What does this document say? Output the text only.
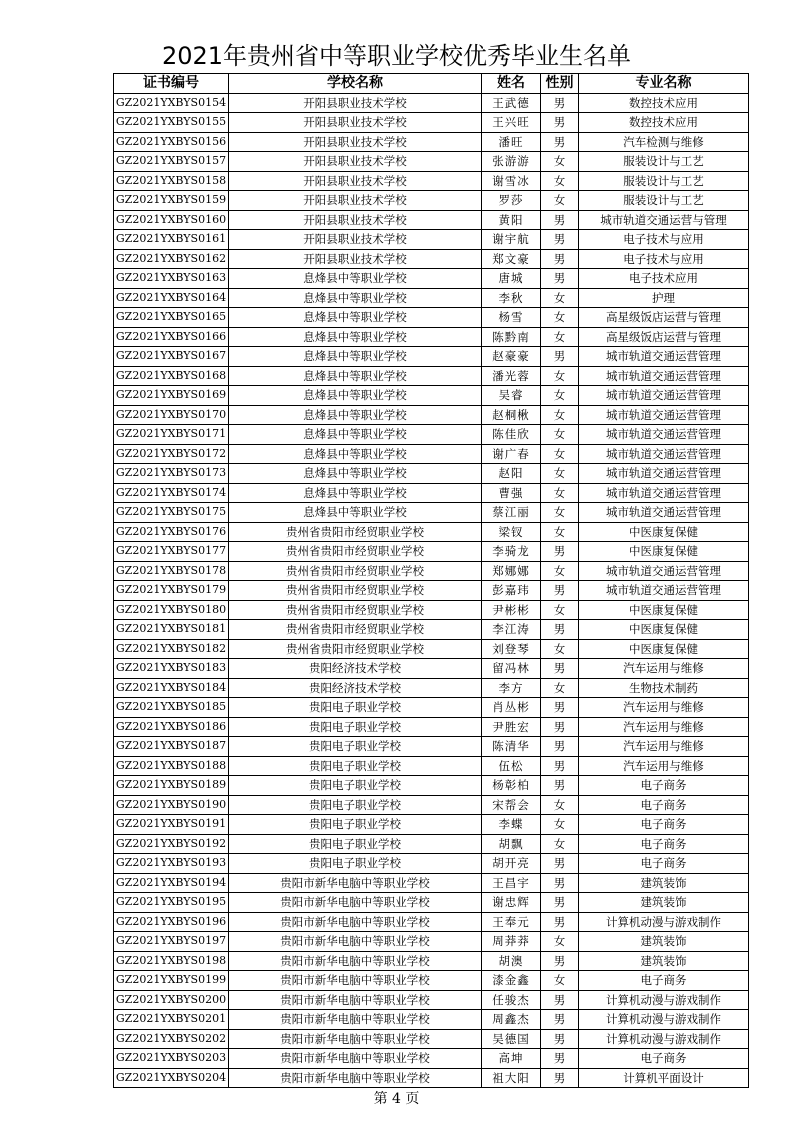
2021年贵州省中等职业学校优秀毕业生名单
证书编号	学校名称	姓名	性别	专业名称
GZ2021YXBYS0154	开阳县职业技术学校	王武德	男	数控技术应用
GZ2021YXBYS0155	开阳县职业技术学校	王兴旺	男	数控技术应用
GZ2021YXBYS0156	开阳县职业技术学校	潘旺	男	汽车检测与维修
GZ2021YXBYS0157	开阳县职业技术学校	张游游	女	服装设计与工艺
GZ2021YXBYS0158	开阳县职业技术学校	谢雪冰	女	服装设计与工艺
GZ2021YXBYS0159	开阳县职业技术学校	罗莎	女	服装设计与工艺
GZ2021YXBYS0160	开阳县职业技术学校	黄阳	男	城市轨道交通运营与管理
GZ2021YXBYS0161	开阳县职业技术学校	谢宇航	男	电子技术与应用
GZ2021YXBYS0162	开阳县职业技术学校	郑文豪	男	电子技术与应用
GZ2021YXBYS0163	息烽县中等职业学校	唐城	男	电子技术应用
GZ2021YXBYS0164	息烽县中等职业学校	李秋	女	护理
GZ2021YXBYS0165	息烽县中等职业学校	杨雪	女	高星级饭店运营与管理
GZ2021YXBYS0166	息烽县中等职业学校	陈黔南	女	高星级饭店运营与管理
GZ2021YXBYS0167	息烽县中等职业学校	赵豪豪	男	城市轨道交通运营管理
GZ2021YXBYS0168	息烽县中等职业学校	潘光蓉	女	城市轨道交通运营管理
GZ2021YXBYS0169	息烽县中等职业学校	吴睿	女	城市轨道交通运营管理
GZ2021YXBYS0170	息烽县中等职业学校	赵桐楸	女	城市轨道交通运营管理
GZ2021YXBYS0171	息烽县中等职业学校	陈佳欣	女	城市轨道交通运营管理
GZ2021YXBYS0172	息烽县中等职业学校	谢广春	女	城市轨道交通运营管理
GZ2021YXBYS0173	息烽县中等职业学校	赵阳	女	城市轨道交通运营管理
GZ2021YXBYS0174	息烽县中等职业学校	曹强	女	城市轨道交通运营管理
GZ2021YXBYS0175	息烽县中等职业学校	蔡江丽	女	城市轨道交通运营管理
GZ2021YXBYS0176	贵州省贵阳市经贸职业学校	梁钗	女	中医康复保健
GZ2021YXBYS0177	贵州省贵阳市经贸职业学校	李骑龙	男	中医康复保健
GZ2021YXBYS0178	贵州省贵阳市经贸职业学校	郑娜娜	女	城市轨道交通运营管理
GZ2021YXBYS0179	贵州省贵阳市经贸职业学校	彭嘉玮	男	城市轨道交通运营管理
GZ2021YXBYS0180	贵州省贵阳市经贸职业学校	尹彬彬	女	中医康复保健
GZ2021YXBYS0181	贵州省贵阳市经贸职业学校	李江涛	男	中医康复保健
GZ2021YXBYS0182	贵州省贵阳市经贸职业学校	刘登琴	女	中医康复保健
GZ2021YXBYS0183	贵阳经济技术学校	留冯林	男	汽车运用与维修
GZ2021YXBYS0184	贵阳经济技术学校	李方	女	生物技术制药
GZ2021YXBYS0185	贵阳电子职业学校	肖丛彬	男	汽车运用与维修
GZ2021YXBYS0186	贵阳电子职业学校	尹胜宏	男	汽车运用与维修
GZ2021YXBYS0187	贵阳电子职业学校	陈清华	男	汽车运用与维修
GZ2021YXBYS0188	贵阳电子职业学校	伍松	男	汽车运用与维修
GZ2021YXBYS0189	贵阳电子职业学校	杨彰柏	男	电子商务
GZ2021YXBYS0190	贵阳电子职业学校	宋帮会	女	电子商务
GZ2021YXBYS0191	贵阳电子职业学校	李蝶	女	电子商务
GZ2021YXBYS0192	贵阳电子职业学校	胡飘	女	电子商务
GZ2021YXBYS0193	贵阳电子职业学校	胡开亮	男	电子商务
GZ2021YXBYS0194	贵阳市新华电脑中等职业学校	王昌宇	男	建筑装饰
GZ2021YXBYS0195	贵阳市新华电脑中等职业学校	谢忠辉	男	建筑装饰
GZ2021YXBYS0196	贵阳市新华电脑中等职业学校	王奉元	男	计算机动漫与游戏制作
GZ2021YXBYS0197	贵阳市新华电脑中等职业学校	周莽莽	女	建筑装饰
GZ2021YXBYS0198	贵阳市新华电脑中等职业学校	胡澳	男	建筑装饰
GZ2021YXBYS0199	贵阳市新华电脑中等职业学校	漆金鑫	女	电子商务
GZ2021YXBYS0200	贵阳市新华电脑中等职业学校	任骏杰	男	计算机动漫与游戏制作
GZ2021YXBYS0201	贵阳市新华电脑中等职业学校	周鑫杰	男	计算机动漫与游戏制作
GZ2021YXBYS0202	贵阳市新华电脑中等职业学校	吴德国	男	计算机动漫与游戏制作
GZ2021YXBYS0203	贵阳市新华电脑中等职业学校	高坤	男	电子商务
GZ2021YXBYS0204	贵阳市新华电脑中等职业学校	祖大阳	男	计算机平面设计
第 4 页
